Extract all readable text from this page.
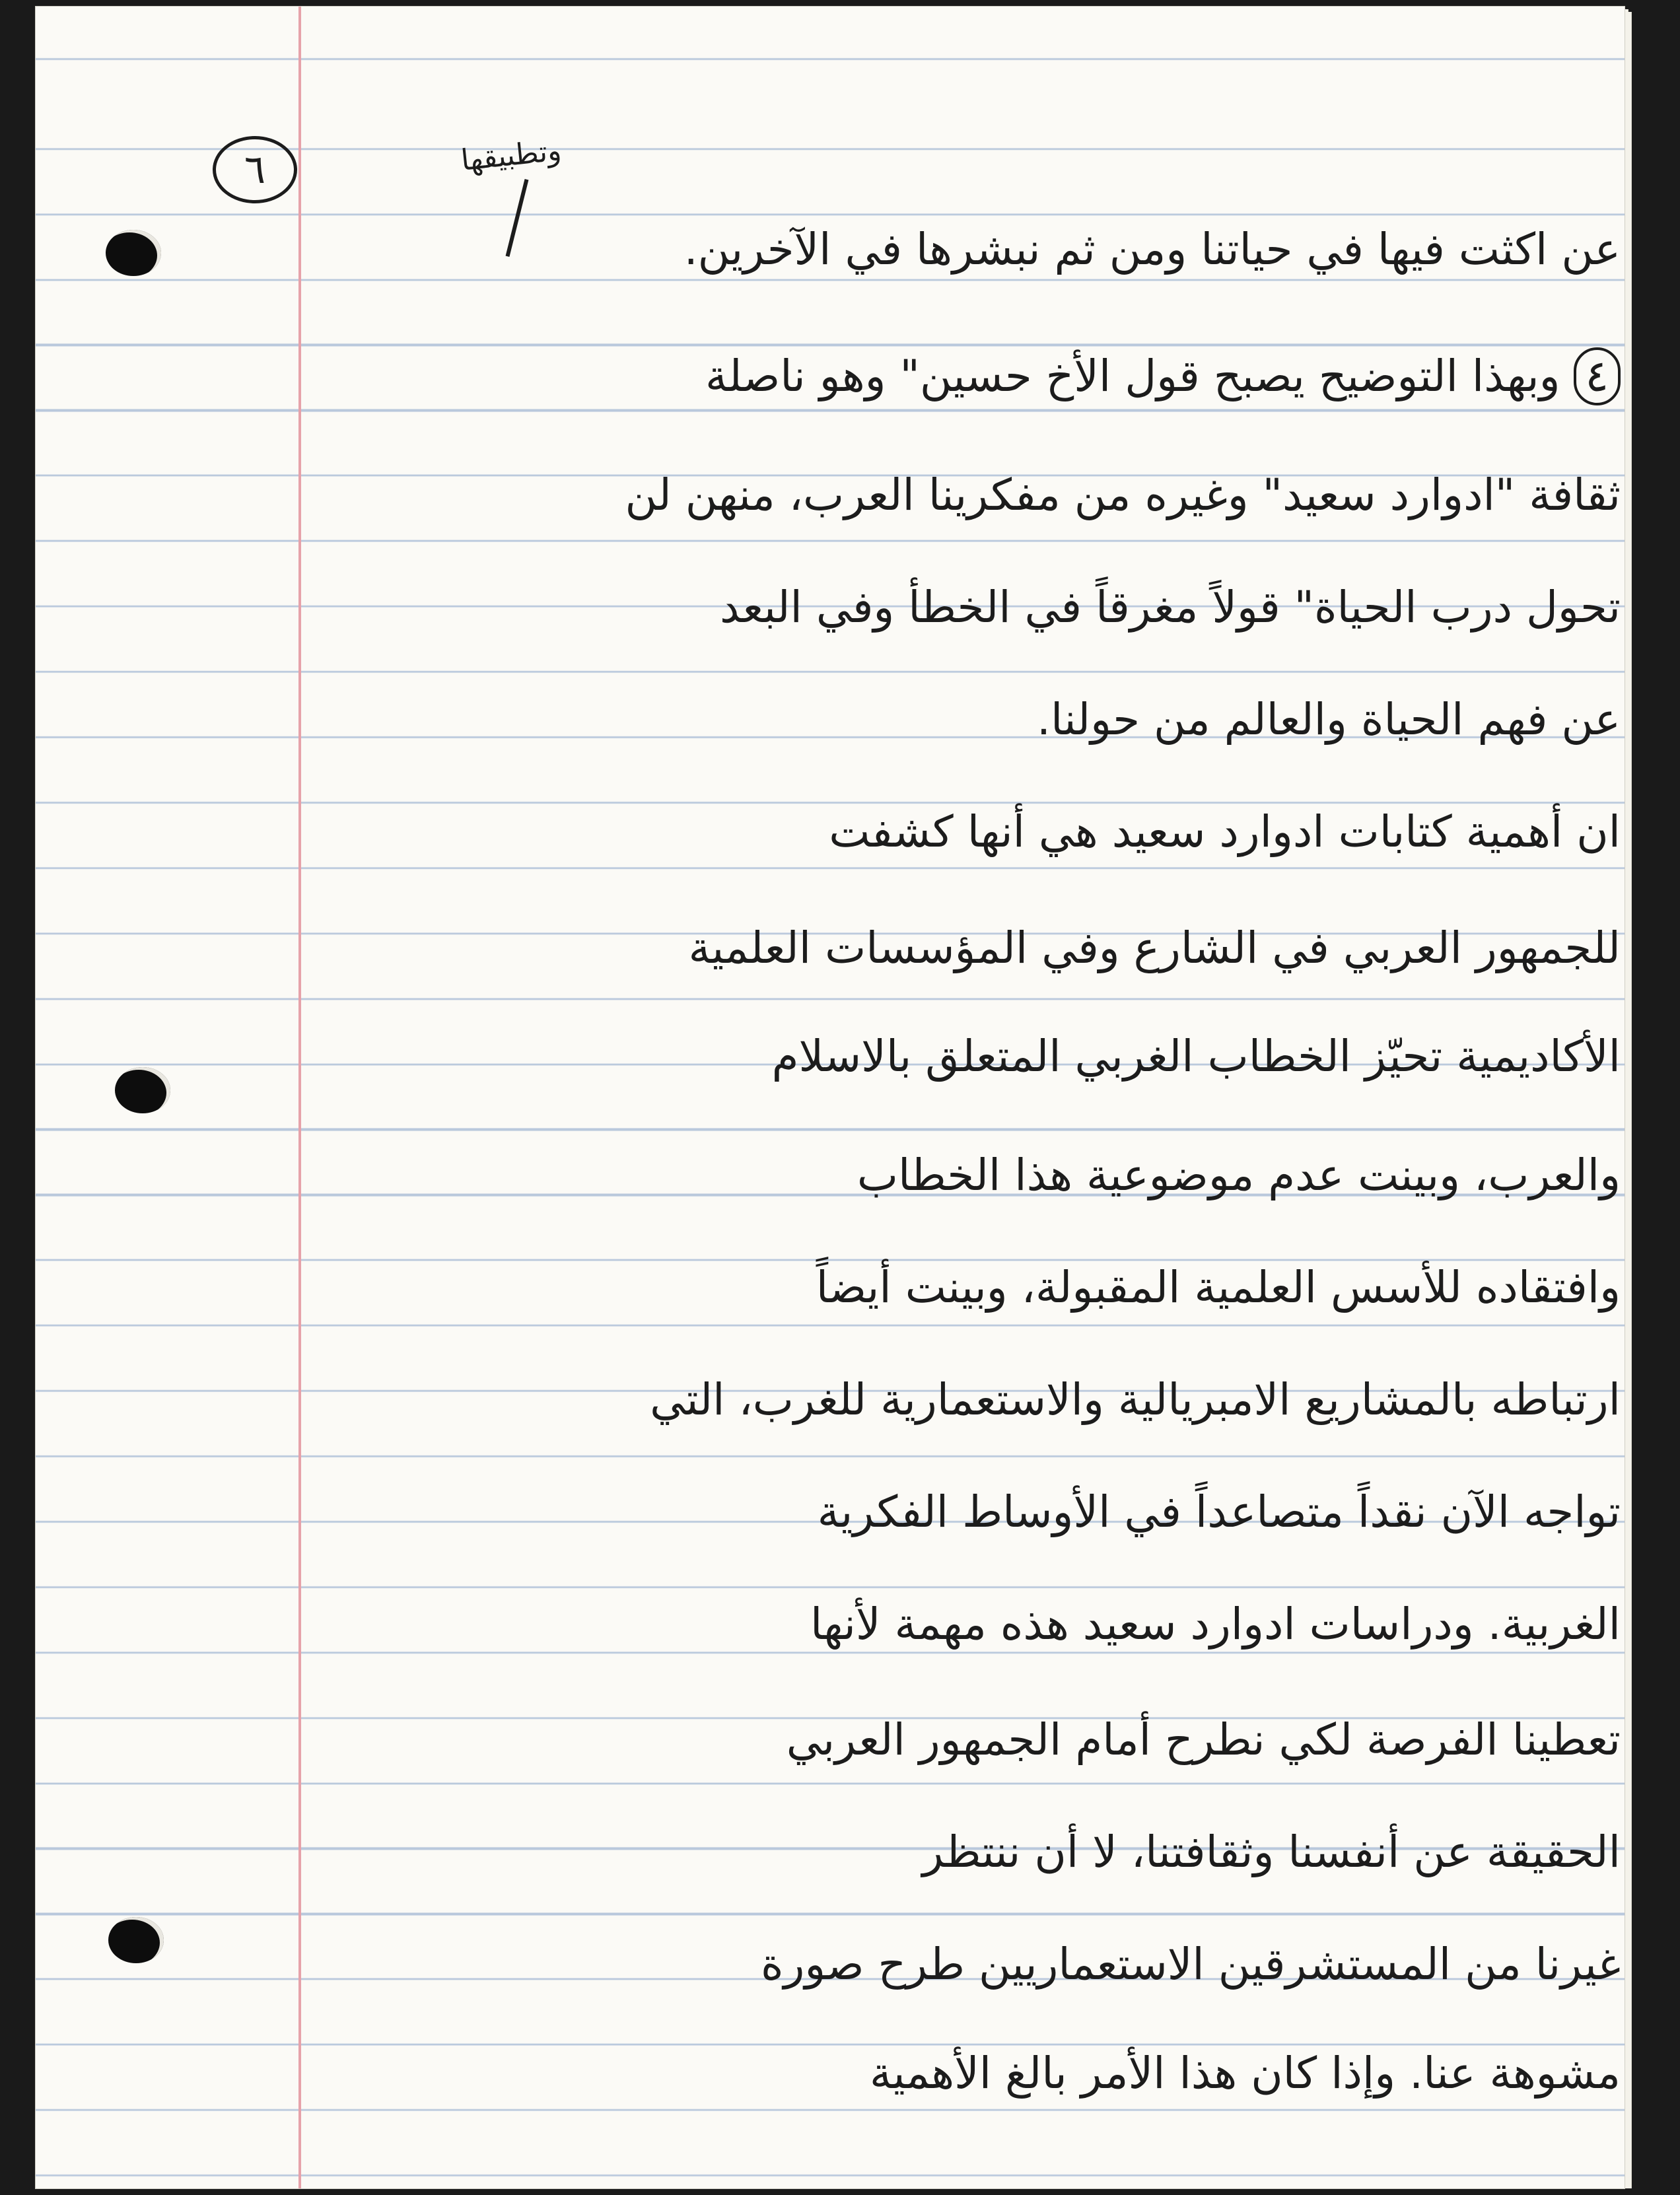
٦	وتطبيقها
عن اكثت فيها في حياتنا ومن ثم نبشرها في الآخرين.
٤وبهذا التوضيح يصبح قول الأخ حسين" وهو ناصلة
ثقافة "ادوارد سعيد" وغيره من مفكرينا العرب، منهن لن
تحول درب الحياة" قولاً مغرقاً في الخطأ وفي البعد
عن فهم الحياة والعالم من حولنا.
ان أهمية كتابات ادوارد سعيد هي أنها كشفت
للجمهور العربي في الشارع وفي المؤسسات العلمية
الأكاديمية تحيّز الخطاب الغربي المتعلق بالاسلام
والعرب، وبينت عدم موضوعية هذا الخطاب
وافتقاده للأسس العلمية المقبولة، وبينت أيضاً
ارتباطه بالمشاريع الامبريالية والاستعمارية للغرب، التي
تواجه الآن نقداً متصاعداً في الأوساط الفكرية
الغربية. ودراسات ادوارد سعيد هذه مهمة لأنها
تعطينا الفرصة لكي نطرح أمام الجمهور العربي
الحقيقة عن أنفسنا وثقافتنا، لا أن ننتظر
غيرنا من المستشرقين الاستعماريين طرح صورة
مشوهة عنا. وإذا كان هذا الأمر بالغ الأهمية
